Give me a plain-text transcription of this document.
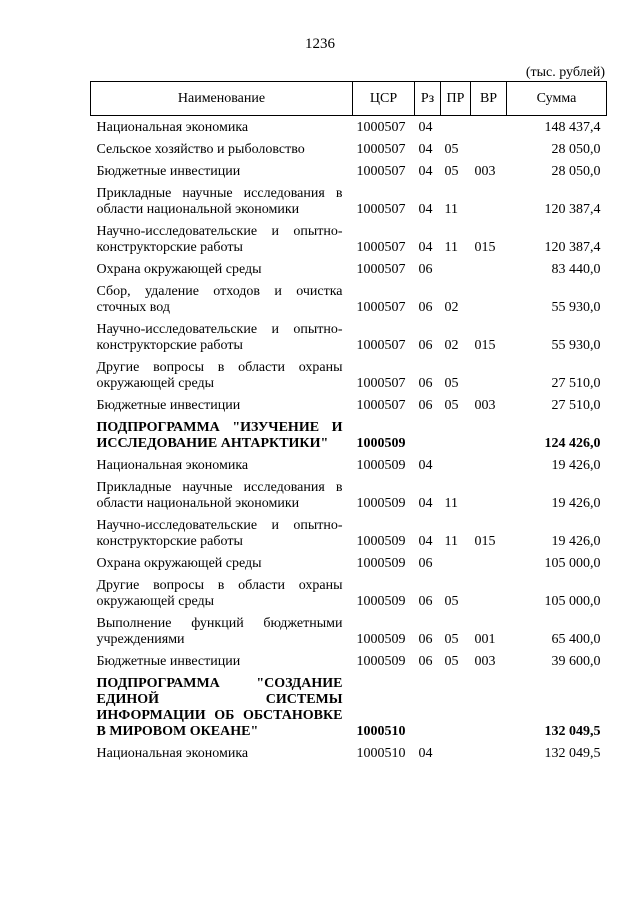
1236
(тыс. рублей)
Наименование	ЦСР	Рз	ПР	ВР	Сумма
Национальная экономика	1000507	04			148 437,4
Сельское хозяйство и рыболовство	1000507	04	05		28 050,0
Бюджетные инвестиции	1000507	04	05	003	28 050,0
Прикладные научные исследования в области национальной экономики	1000507	04	11		120 387,4
Научно-исследовательские и опытно-конструкторские работы	1000507	04	11	015	120 387,4
Охрана окружающей среды	1000507	06			83 440,0
Сбор, удаление отходов и очистка сточных вод	1000507	06	02		55 930,0
Научно-исследовательские и опытно-конструкторские работы	1000507	06	02	015	55 930,0
Другие вопросы в области охраны окружающей среды	1000507	06	05		27 510,0
Бюджетные инвестиции	1000507	06	05	003	27 510,0
ПОДПРОГРАММА "ИЗУЧЕНИЕ И ИССЛЕДОВАНИЕ АНТАРКТИКИ"	1000509				124 426,0
Национальная экономика	1000509	04			19 426,0
Прикладные научные исследования в области национальной экономики	1000509	04	11		19 426,0
Научно-исследовательские и опытно-конструкторские работы	1000509	04	11	015	19 426,0
Охрана окружающей среды	1000509	06			105 000,0
Другие вопросы в области охраны окружающей среды	1000509	06	05		105 000,0
Выполнение функций бюджетными учреждениями	1000509	06	05	001	65 400,0
Бюджетные инвестиции	1000509	06	05	003	39 600,0
ПОДПРОГРАММА "СОЗДАНИЕ ЕДИНОЙ СИСТЕМЫ ИНФОРМАЦИИ ОБ ОБСТАНОВКЕ В МИРОВОМ ОКЕАНЕ"	1000510				132 049,5
Национальная экономика	1000510	04			132 049,5
